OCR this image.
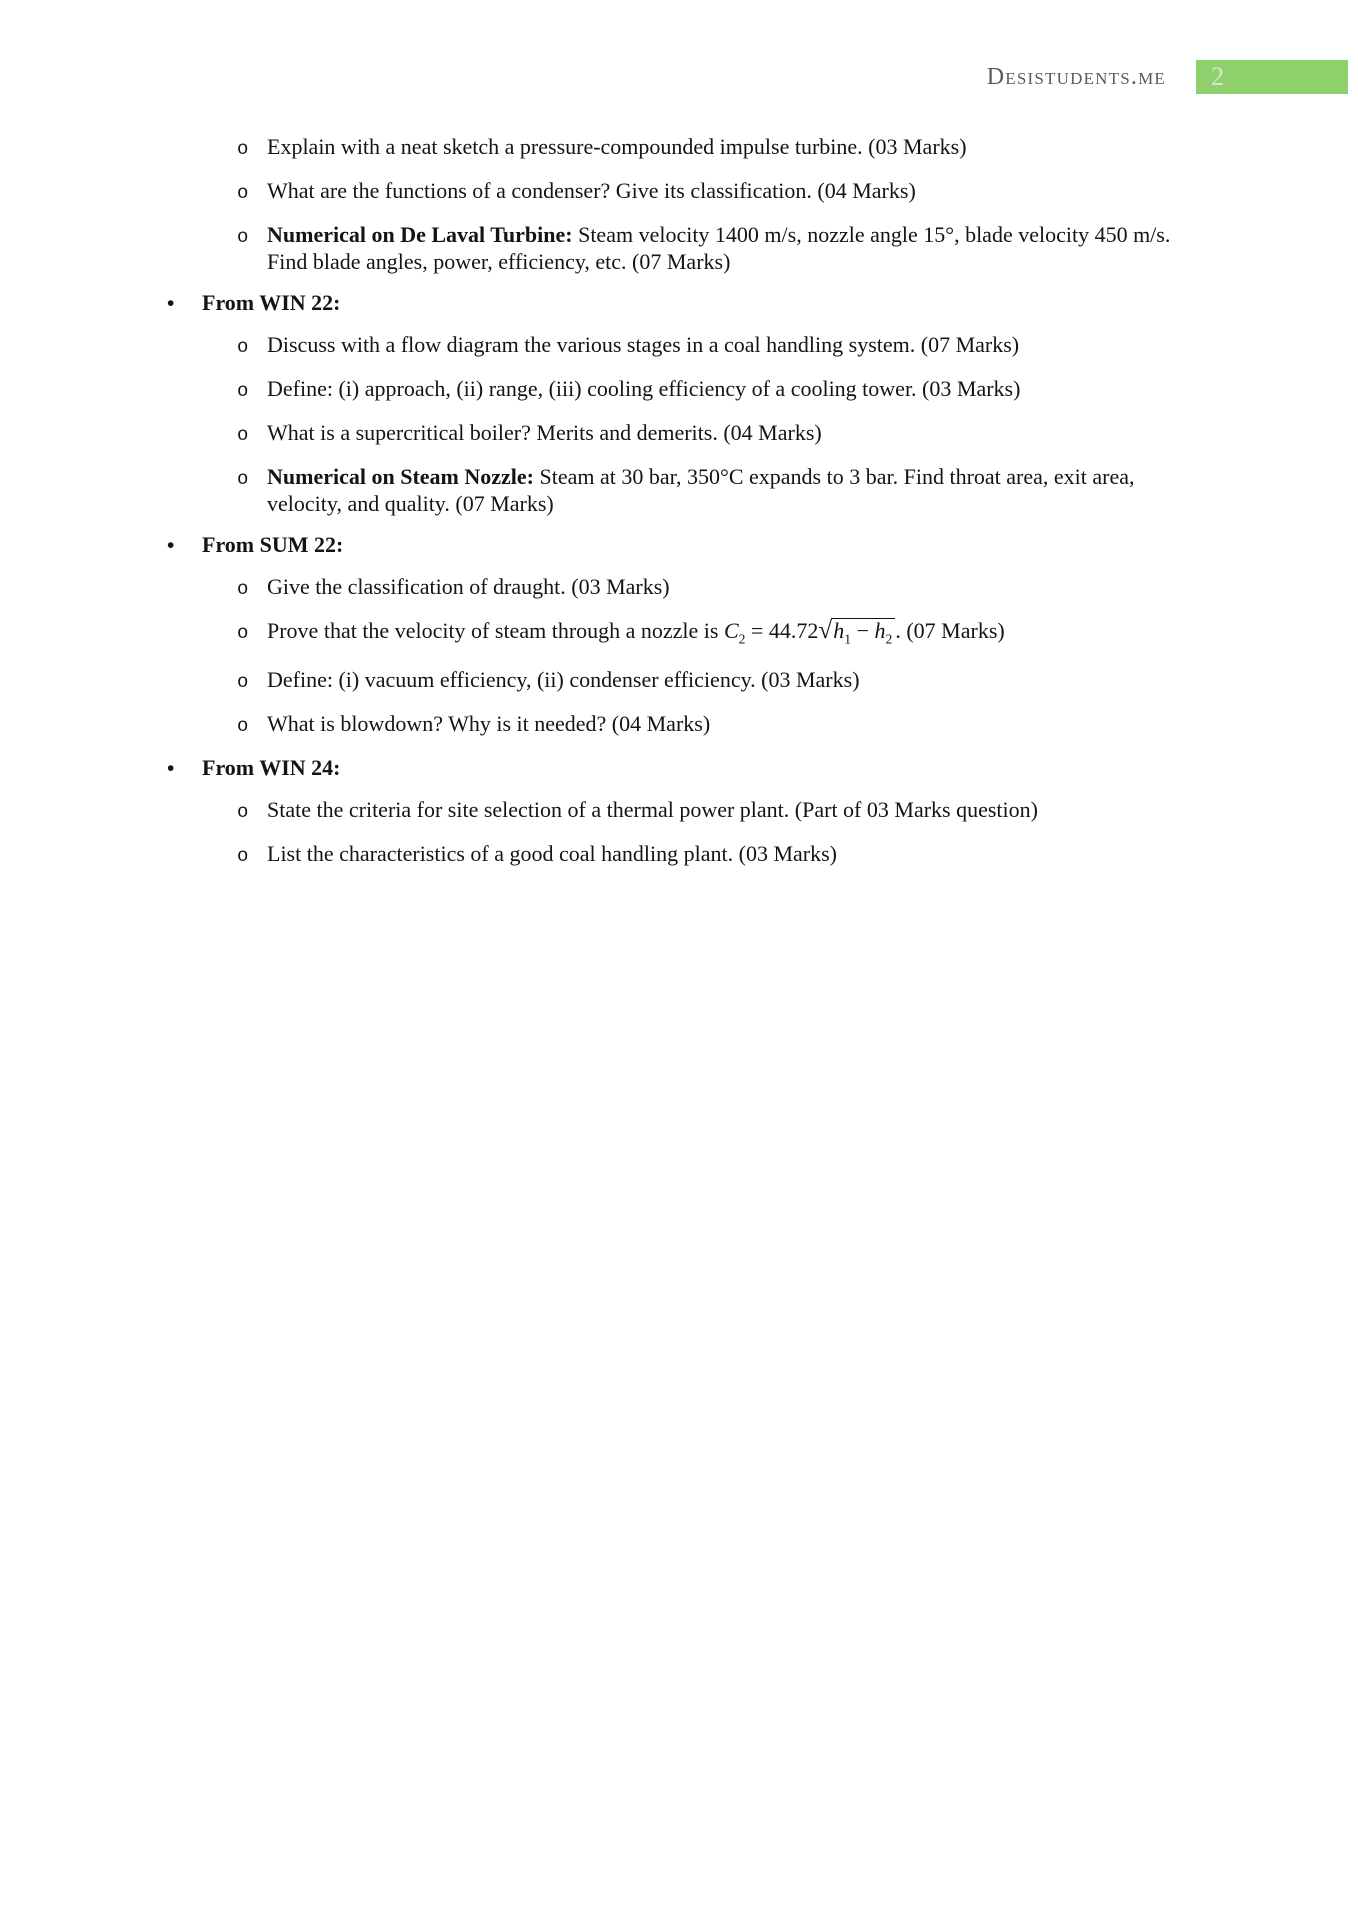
Desistudents.me 2
o Explain with a neat sketch a pressure-compounded impulse turbine. (03 Marks)
o What are the functions of a condenser? Give its classification. (04 Marks)
o Numerical on De Laval Turbine: Steam velocity 1400 m/s, nozzle angle 15°, blade velocity 450 m/s. Find blade angles, power, efficiency, etc. (07 Marks)
•	From WIN 22:
o Discuss with a flow diagram the various stages in a coal handling system. (07 Marks)
o Define: (i) approach, (ii) range, (iii) cooling efficiency of a cooling tower. (03 Marks)
o What is a supercritical boiler? Merits and demerits. (04 Marks)
o Numerical on Steam Nozzle: Steam at 30 bar, 350°C expands to 3 bar. Find throat area, exit area, velocity, and quality. (07 Marks)
•	From SUM 22:
o Give the classification of draught. (03 Marks)
o Prove that the velocity of steam through a nozzle is $C_2 = 44.72√h_1 - h_2$ . (07 Marks)
o Define: (i) vacuum efficiency, (ii) condenser efficiency. (03 Marks)
o What is blowdown? Why is it needed? (04 Marks)
•	From WIN 24:
o State the criteria for site selection of a thermal power plant. (Part of 03 Marks question)
o List the characteristics of a good coal handling plant. (03 Marks)
